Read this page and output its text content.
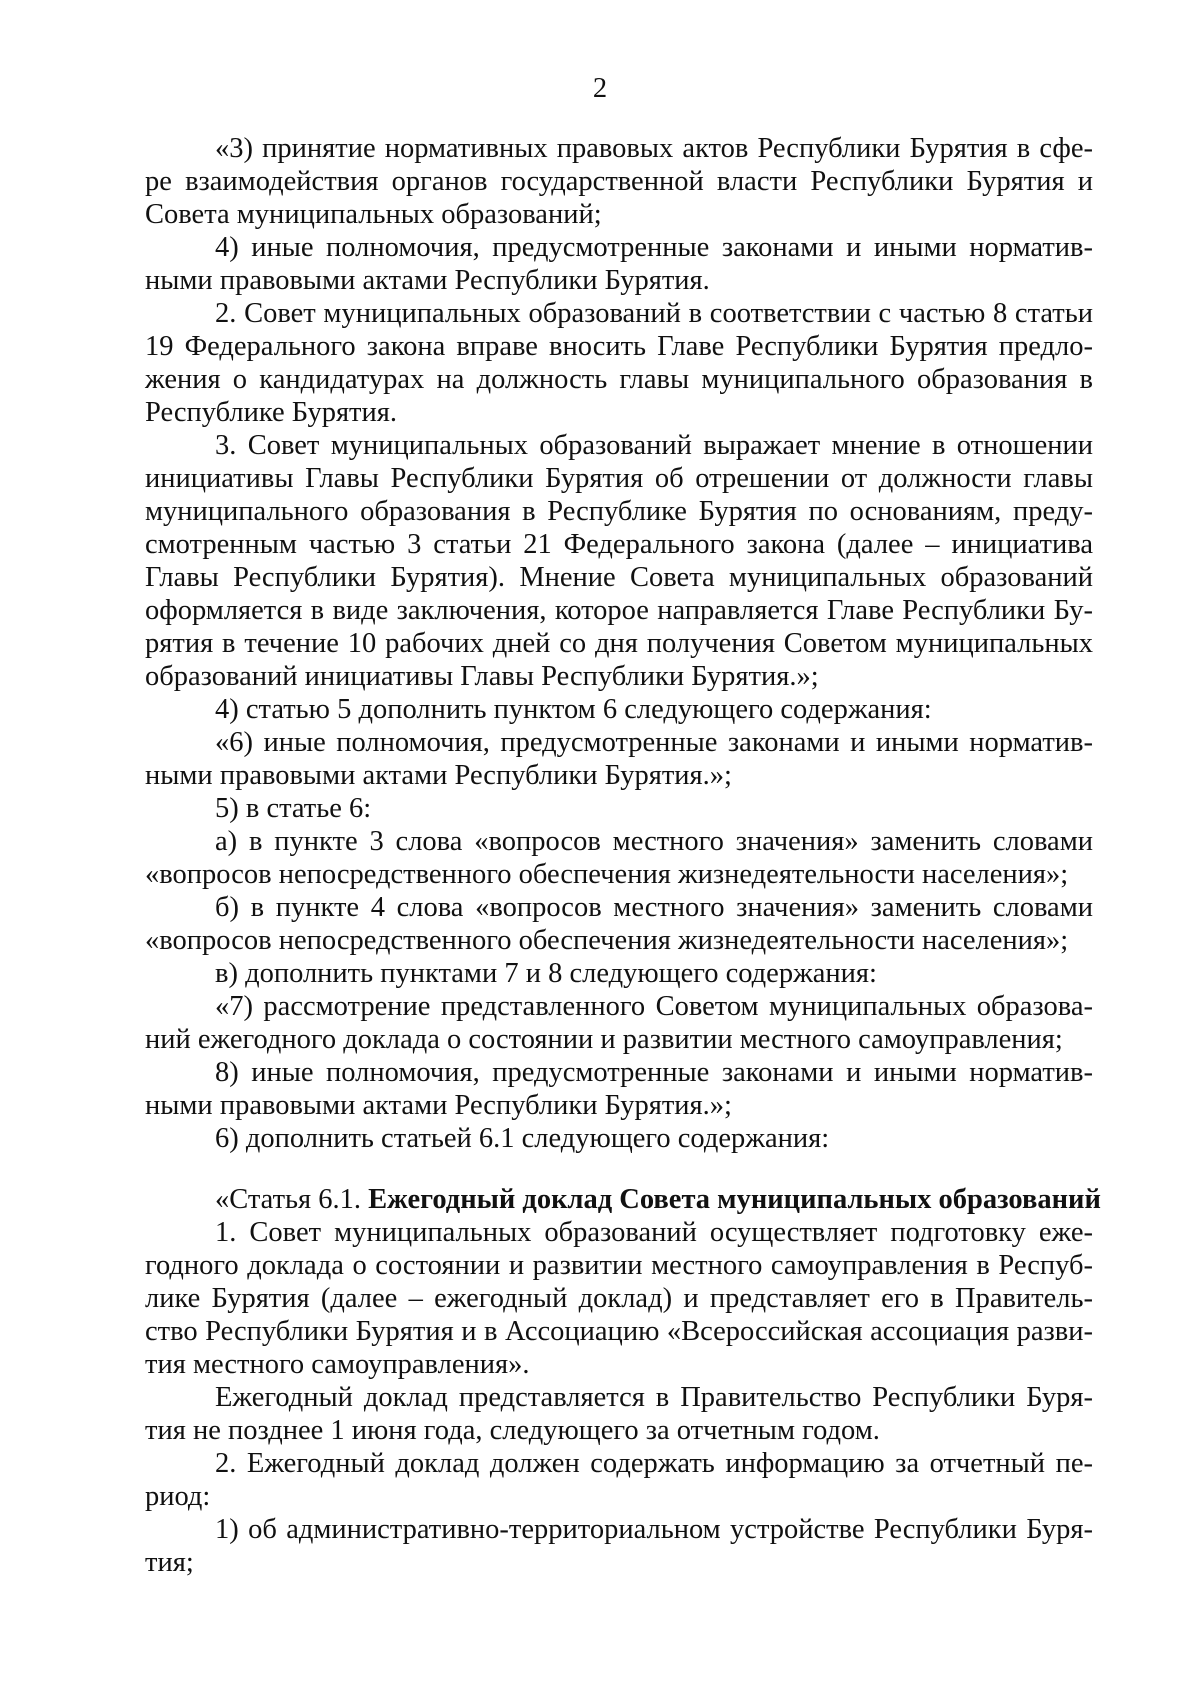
2

«3) принятие нормативных правовых актов Республики Бурятия в сфере взаимодействия органов государственной власти Республики Бурятия и Совета муниципальных образований;

4) иные полномочия, предусмотренные законами и иными нормативными правовыми актами Республики Бурятия.

2. Совет муниципальных образований в соответствии с частью 8 статьи 19 Федерального закона вправе вносить Главе Республики Бурятия предложения о кандидатурах на должность главы муниципального образования в Республике Бурятия.

3. Совет муниципальных образований выражает мнение в отношении инициативы Главы Республики Бурятия об отрешении от должности главы муниципального образования в Республике Бурятия по основаниям, предусмотренным частью 3 статьи 21 Федерального закона (далее – инициатива Главы Республики Бурятия). Мнение Совета муниципальных образований оформляется в виде заключения, которое направляется Главе Республики Бурятия в течение 10 рабочих дней со дня получения Советом муниципальных образований инициативы Главы Республики Бурятия.»;

4) статью 5 дополнить пунктом 6 следующего содержания:

«6) иные полномочия, предусмотренные законами и иными нормативными правовыми актами Республики Бурятия.»;

5) в статье 6:

а) в пункте 3 слова «вопросов местного значения» заменить словами «вопросов непосредственного обеспечения жизнедеятельности населения»;

б) в пункте 4 слова «вопросов местного значения» заменить словами «вопросов непосредственного обеспечения жизнедеятельности населения»;

в) дополнить пунктами 7 и 8 следующего содержания:

«7) рассмотрение представленного Советом муниципальных образований ежегодного доклада о состоянии и развитии местного самоуправления;

8) иные полномочия, предусмотренные законами и иными нормативными правовыми актами Республики Бурятия.»;

6) дополнить статьей 6.1 следующего содержания:

«Статья 6.1. Ежегодный доклад Совета муниципальных образований

1. Совет муниципальных образований осуществляет подготовку ежегодного доклада о состоянии и развитии местного самоуправления в Республике Бурятия (далее – ежегодный доклад) и представляет его в Правительство Республики Бурятия и в Ассоциацию «Всероссийская ассоциация развития местного самоуправления».

Ежегодный доклад представляется в Правительство Республики Бурятия не позднее 1 июня года, следующего за отчетным годом.

2. Ежегодный доклад должен содержать информацию за отчетный период:

1) об административно-территориальном устройстве Республики Бурятия;
